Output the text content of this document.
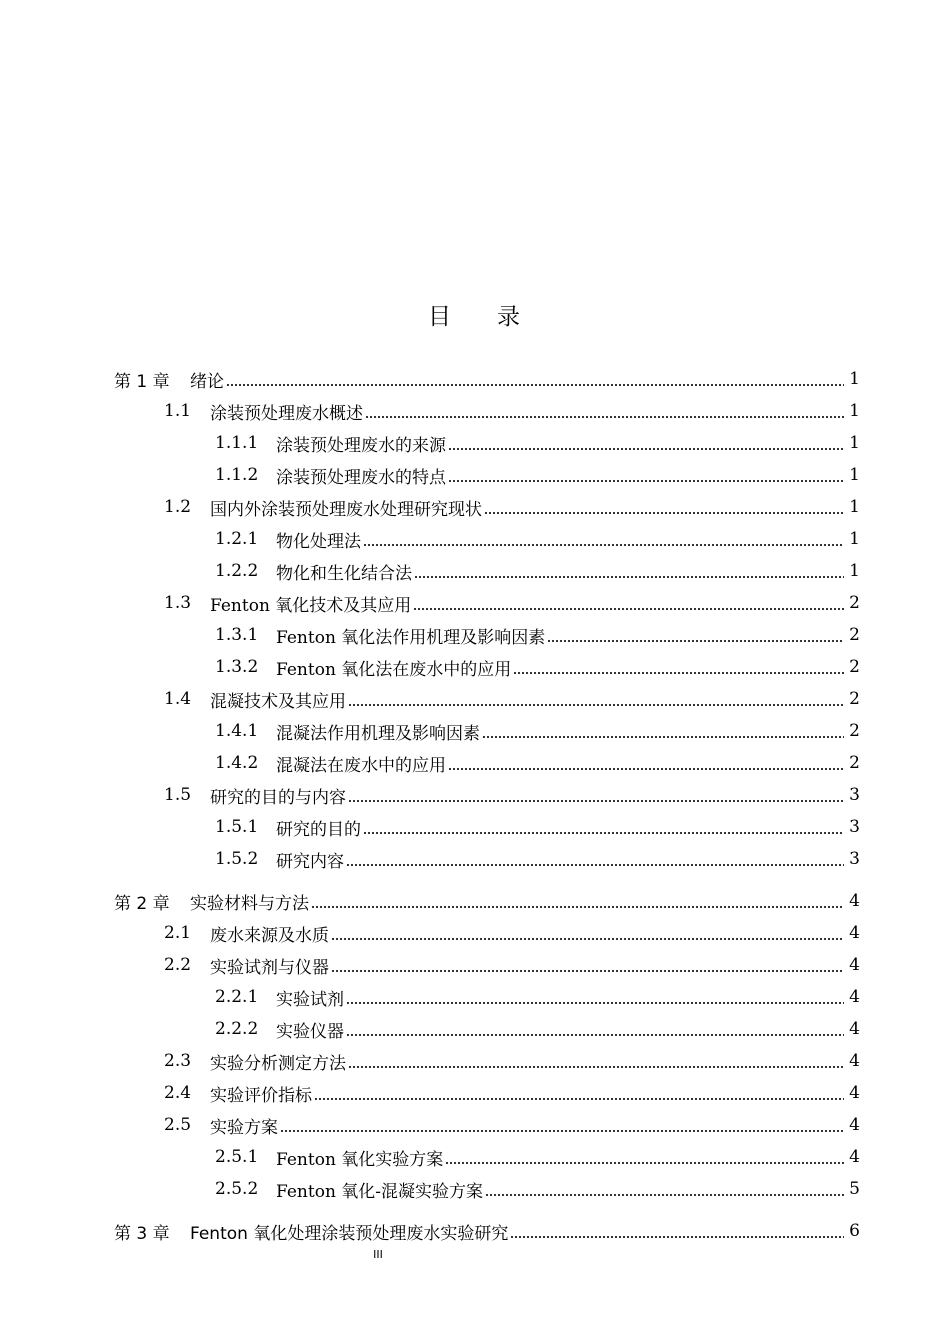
目 录
第 1 章	绪论	1
1.1	涂装预处理废水概述	1
1.1.1	涂装预处理废水的来源	1
1.1.2	涂装预处理废水的特点	1
1.2	国内外涂装预处理废水处理研究现状	1
1.2.1	物化处理法	1
1.2.2	物化和生化结合法	1
1.3	Fenton 氧化技术及其应用	2
1.3.1	Fenton 氧化法作用机理及影响因素	2
1.3.2	Fenton 氧化法在废水中的应用	2
1.4	混凝技术及其应用	2
1.4.1	混凝法作用机理及影响因素	2
1.4.2	混凝法在废水中的应用	2
1.5	研究的目的与内容	3
1.5.1	研究的目的	3
1.5.2	研究内容	3
第 2 章	实验材料与方法	4
2.1	废水来源及水质	4
2.2	实验试剂与仪器	4
2.2.1	实验试剂	4
2.2.2	实验仪器	4
2.3	实验分析测定方法	4
2.4	实验评价指标	4
2.5	实验方案	4
2.5.1	Fenton 氧化实验方案	4
2.5.2	Fenton 氧化-混凝实验方案	5
第 3 章	Fenton 氧化处理涂装预处理废水实验研究	6
III
